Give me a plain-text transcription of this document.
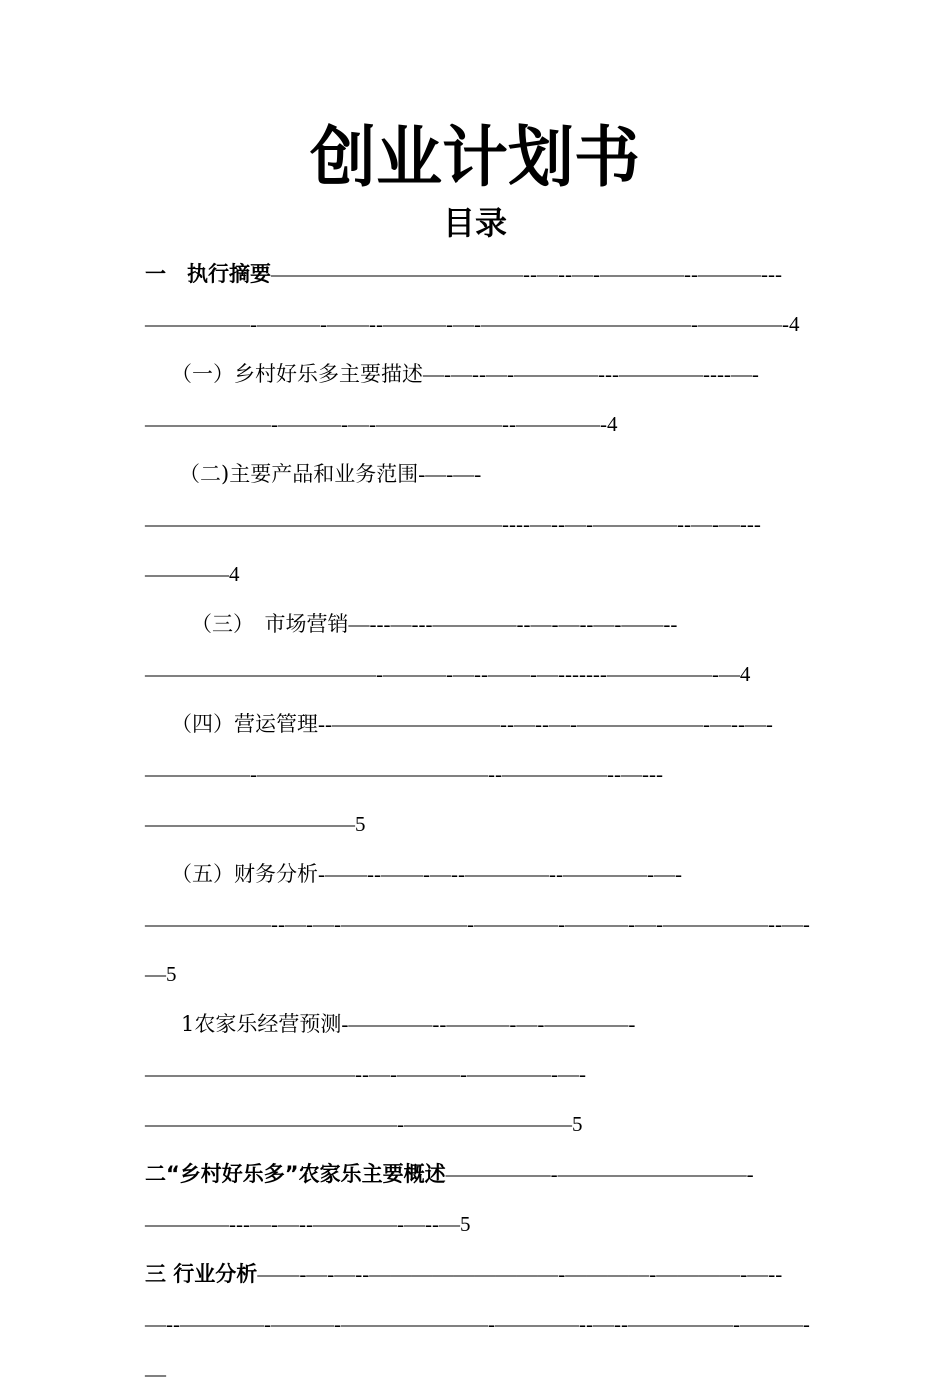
创业计划书
目录
一　执行摘要————————————--—--—-————--———---—————-———-——--———-—-——————————-————-4
（一）乡村好乐多主要描述—-—--—-————---————----—-——————-———-—-——————--————-4
（二)主要产品和业务范围-—-—-—————————————————----—--—-————--—-—---————4
（三）　市场营销—---—---————--—-—--—-——--———————————-———-—--——-—-------—————-—4
（四）营运管理--————————--—--—-——————-—--—-—————-———————————--—————--—---——————————5
（五）财务分析-——--——-—--————--————-—-——————--—-—-——————-————-———-—-—————--—-—5
1农家乐经营预测-————--———-—-————-——————————--—-———-————-—-————————————-————————5
二“乡村好乐多”农家乐主要概述—————-—————————-————---—-—--————-—--—5
三 行业分析——-—-—--—————————-————-————-—--—--————-———-———————-————--—--—————-———-—
